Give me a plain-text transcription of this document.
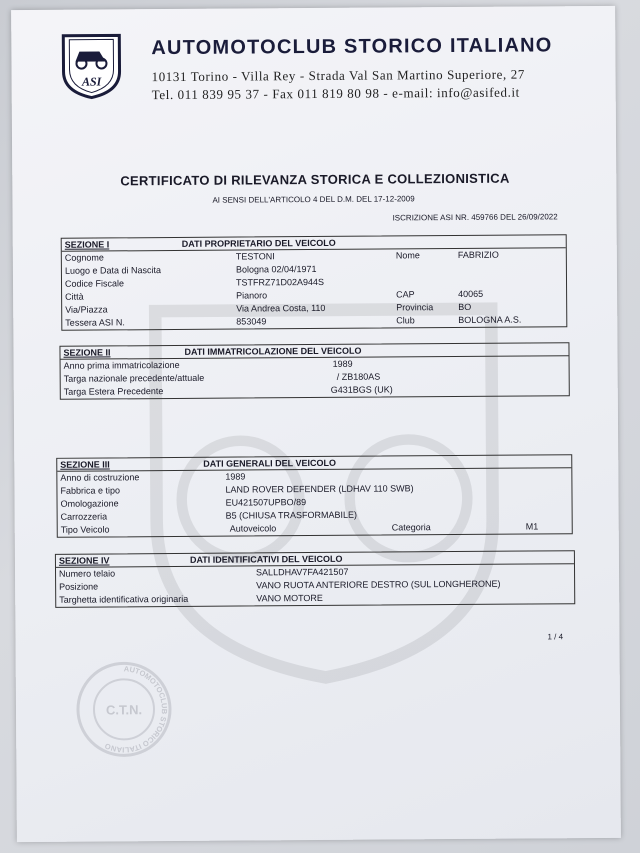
ASI
AUTOMOTOCLUB STORICO ITALIANO
10131 Torino - Villa Rey - Strada Val San Martino Superiore, 27
Tel. 011 839 95 37 - Fax 011 819 80 98 - e-mail: info@asifed.it
CERTIFICATO DI RILEVANZA STORICA E COLLEZIONISTICA
AI SENSI DELL'ARTICOLO 4 DEL D.M. DEL 17-12-2009
ISCRIZIONE ASI NR. 459766 DEL 26/09/2022
SEZIONE I	DATI PROPRIETARIO DEL VEICOLO
Cognome	TESTONI	Nome	FABRIZIO
Luogo e Data di Nascita	Bologna 02/04/1971
Codice Fiscale	TSTFRZ71D02A944S
Città	Pianoro	CAP	40065
Via/Piazza	Via Andrea Costa, 110	Provincia	BO
Tessera ASI N.	853049	Club	BOLOGNA A.S.
SEZIONE II	DATI IMMATRICOLAZIONE DEL VEICOLO
Anno prima immatricolazione	1989
Targa nazionale precedente/attuale	/ ZB180AS
Targa Estera Precedente	G431BGS (UK)
SEZIONE III	DATI GENERALI DEL VEICOLO
Anno di costruzione	1989
Fabbrica e tipo	LAND ROVER DEFENDER (LDHAV 110 SWB)
Omologazione	EU421507UPBO/89
Carrozzeria	B5 (CHIUSA TRASFORMABILE)
Tipo Veicolo	Autoveicolo	Categoria	M1
SEZIONE IV	DATI IDENTIFICATIVI DEL VEICOLO
Numero telaio	SALLDHAV7FA421507
Posizione	VANO RUOTA ANTERIORE DESTRO (SUL LONGHERONE)
Targhetta identificativa originaria	VANO MOTORE
1 / 4
AUTOMOTOCLUB STORICO ITALIANO
C.T.N.
